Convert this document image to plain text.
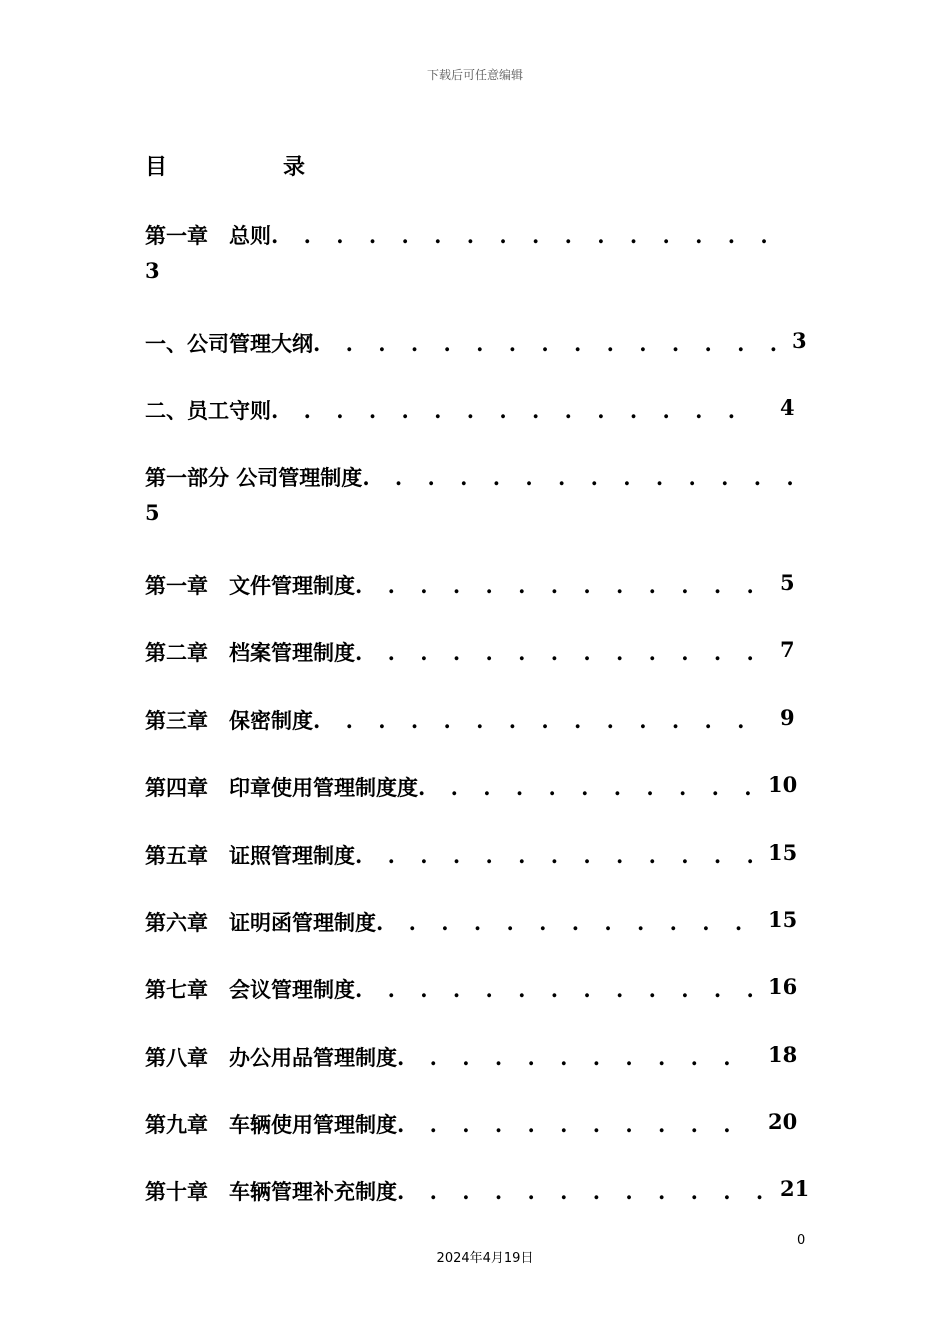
下载后可任意编辑
目	录
第一章　总则. . . . . . . . . . . . . . . .
3
一、公司管理大纲. . . . . . . . . . . . . . . 3
二、员工守则. . . . . . . . . . . . . . . 4
第一部分 公司管理制度. . . . . . . . . . . . . .
5
第一章　文件管理制度. . . . . . . . . . . . . 5
第二章　档案管理制度. . . . . . . . . . . . . 7
第三章　保密制度. . . . . . . . . . . . . . 9
第四章　印章使用管理制度度. . . . . . . . . . . 10
第五章　证照管理制度. . . . . . . . . . . . . 15
第六章　证明函管理制度. . . . . . . . . . . . 15
第七章　会议管理制度. . . . . . . . . . . . . 16
第八章　办公用品管理制度. . . . . . . . . . . 18
第九章　车辆使用管理制度. . . . . . . . . . . 20
第十章　车辆管理补充制度. . . . . . . . . . . . 21
0
2024年4月19日
